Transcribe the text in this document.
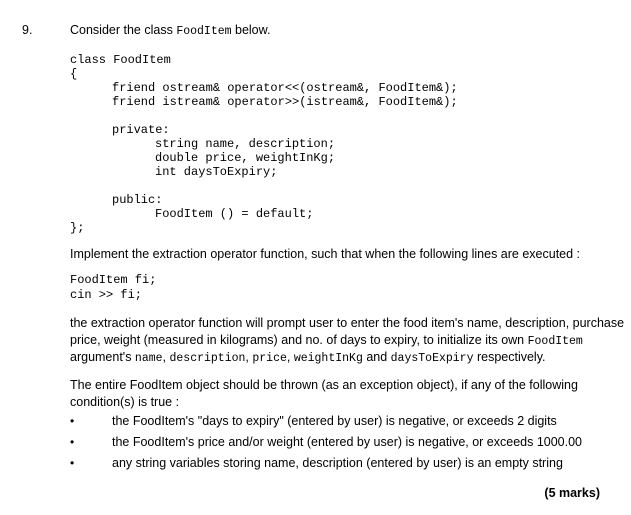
9.	Consider the class FoodItem below.
class FoodItem
{
friend ostream& operator<<(ostream&, FoodItem&);
friend istream& operator>>(istream&, FoodItem&);
private:
string name, description;
double price, weightInKg;
int daysToExpiry;
public:
FoodItem () = default;
};
Implement the extraction operator function, such that when the following lines are executed :
FoodItem fi;
cin >> fi;
the extraction operator function will prompt user to enter the food item's name, description, purchase
price, weight (measured in kilograms) and no. of days to expiry, to initialize its own FoodItem
argument's name, description, price, weightInKg and daysToExpiry respectively.
The entire FoodItem object should be thrown (as an exception object), if any of the following
condition(s) is true :
•	the FoodItem's "days to expiry" (entered by user) is negative, or exceeds 2 digits
•	the FoodItem's price and/or weight (entered by user) is negative, or exceeds 1000.00
•	any string variables storing name, description (entered by user) is an empty string
(5 marks)
